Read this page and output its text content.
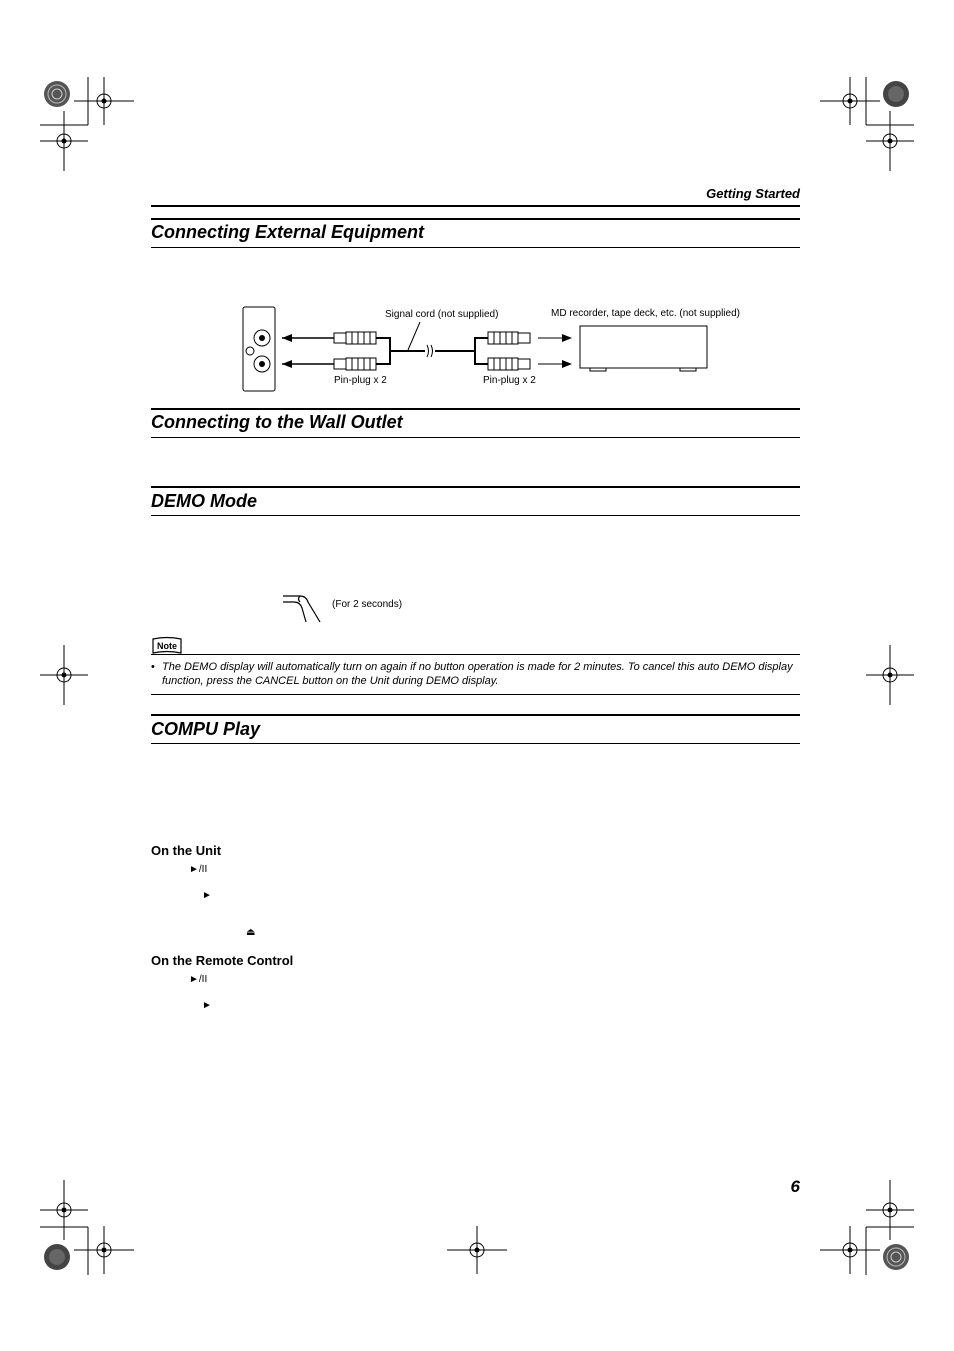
Getting Started
Connecting External Equipment
Signal cord (not supplied)	MD recorder, tape deck, etc. (not supplied)
Pin-plug x 2	Pin-plug x 2
Connecting to the Wall Outlet
DEMO Mode
(For 2 seconds)
Note
• The DEMO display will automatically turn on again if no button operation is made for 2 minutes. To cancel this auto DEMO display function, press the CANCEL button on the Unit during DEMO display.
COMPU Play
On the Unit
►/II
►
⏏
On the Remote Control
►/II
►
6
